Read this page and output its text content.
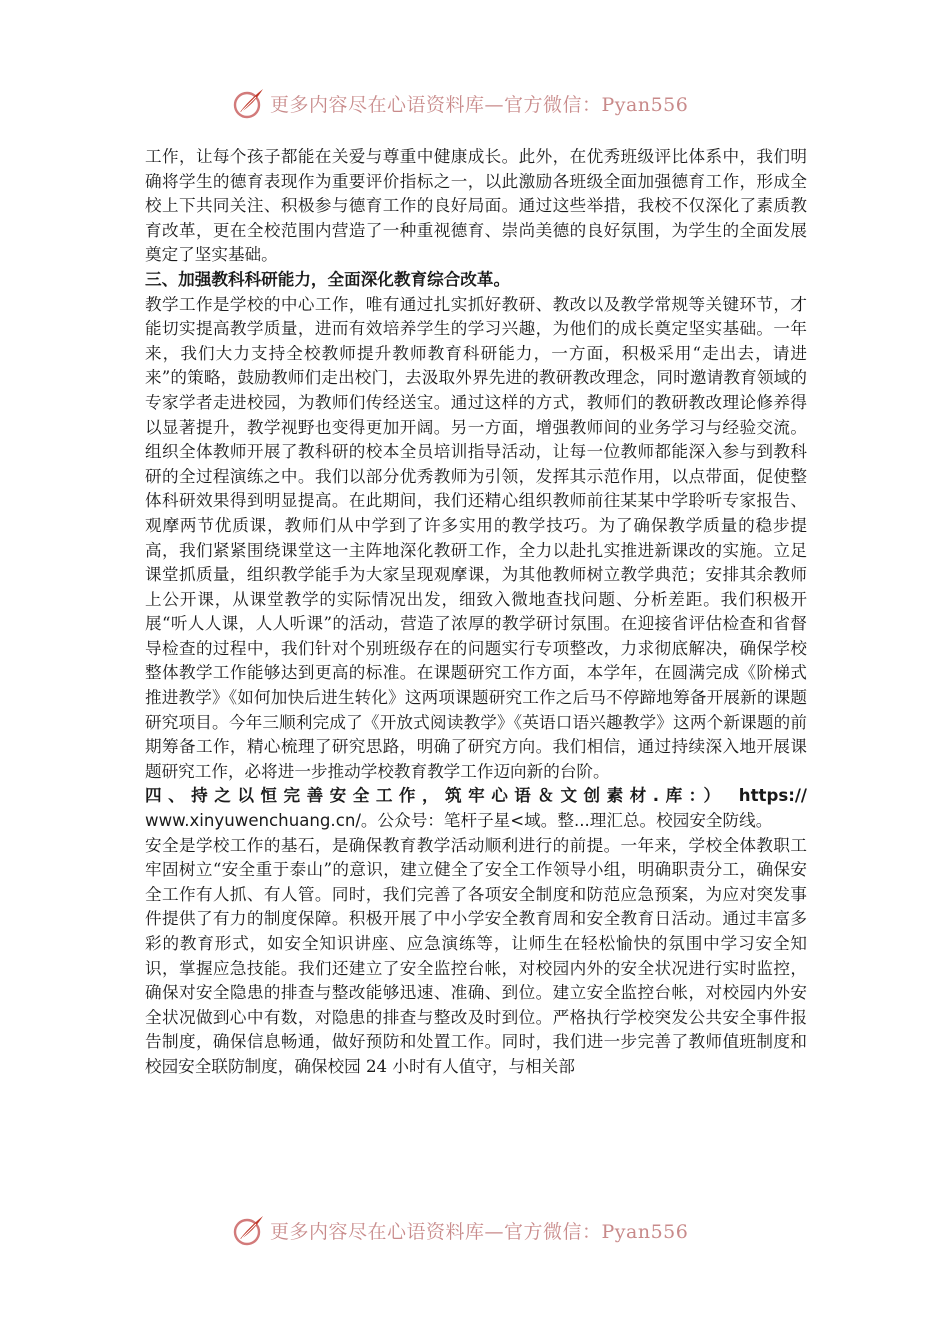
更多内容尽在心语资料库—官方微信：Pyan556

工作，让每个孩子都能在关爱与尊重中健康成长。此外，在优秀班级评比体系中，我们明确将学生的德育表现作为重要评价指标之一，以此激励各班级全面加强德育工作，形成全校上下共同关注、积极参与德育工作的良好局面。通过这些举措，我校不仅深化了素质教育改革，更在全校范围内营造了一种重视德育、崇尚美德的良好氛围，为学生的全面发展奠定了坚实基础。

三、加强教科科研能力，全面深化教育综合改革。

教学工作是学校的中心工作，唯有通过扎实抓好教研、教改以及教学常规等关键环节，才能切实提高教学质量，进而有效培养学生的学习兴趣，为他们的成长奠定坚实基础。一年来，我们大力支持全校教师提升教师教育科研能力，一方面，积极采用“走出去，请进来”的策略，鼓励教师们走出校门，去汲取外界先进的教研教改理念，同时邀请教育领域的专家学者走进校园，为教师们传经送宝。通过这样的方式，教师们的教研教改理论修养得以显著提升，教学视野也变得更加开阔。另一方面，增强教师间的业务学习与经验交流。组织全体教师开展了教科研的校本全员培训指导活动，让每一位教师都能深入参与到教科研的全过程演练之中。我们以部分优秀教师为引领，发挥其示范作用，以点带面，促使整体科研效果得到明显提高。在此期间，我们还精心组织教师前往某某中学聆听专家报告、观摩两节优质课，教师们从中学到了许多实用的教学技巧。为了确保教学质量的稳步提高，我们紧紧围绕课堂这一主阵地深化教研工作，全力以赴扎实推进新课改的实施。立足课堂抓质量，组织教学能手为大家呈现观摩课，为其他教师树立教学典范；安排其余教师上公开课，从课堂教学的实际情况出发，细致入微地查找问题、分析差距。我们积极开展“听人人课，人人听课”的活动，营造了浓厚的教学研讨氛围。在迎接省评估检查和省督导检查的过程中，我们针对个别班级存在的问题实行专项整改，力求彻底解决，确保学校整体教学工作能够达到更高的标准。在课题研究工作方面，本学年，在圆满完成《阶梯式推进教学》《如何加快后进生转化》这两项课题研究工作之后马不停蹄地筹备开展新的课题研究项目。今年三顺利完成了《开放式阅读教学》《英语口语兴趣教学》这两个新课题的前期筹备工作，精心梳理了研究思路，明确了研究方向。我们相信，通过持续深入地开展课题研究工作，必将进一步推动学校教育教学工作迈向新的台阶。

四、持之以恒完善安全工作，筑牢心语＆文创素材.库：） https://
www.xinyuwenchuang.cn/。公众号：笔杆子星<域。整...理汇总。校园安全防线。

安全是学校工作的基石，是确保教育教学活动顺利进行的前提。一年来，学校全体教职工牢固树立“安全重于泰山”的意识，建立健全了安全工作领导小组，明确职责分工，确保安全工作有人抓、有人管。同时，我们完善了各项安全制度和防范应急预案，为应对突发事件提供了有力的制度保障。积极开展了中小学安全教育周和安全教育日活动。通过丰富多彩的教育形式，如安全知识讲座、应急演练等，让师生在轻松愉快的氛围中学习安全知识，掌握应急技能。我们还建立了安全监控台帐，对校园内外的安全状况进行实时监控，确保对安全隐患的排查与整改能够迅速、准确、到位。建立安全监控台帐，对校园内外安全状况做到心中有数，对隐患的排查与整改及时到位。严格执行学校突发公共安全事件报告制度，确保信息畅通，做好预防和处置工作。同时，我们进一步完善了教师值班制度和校园安全联防制度，确保校园 24 小时有人值守，与相关部

更多内容尽在心语资料库—官方微信：Pyan556
